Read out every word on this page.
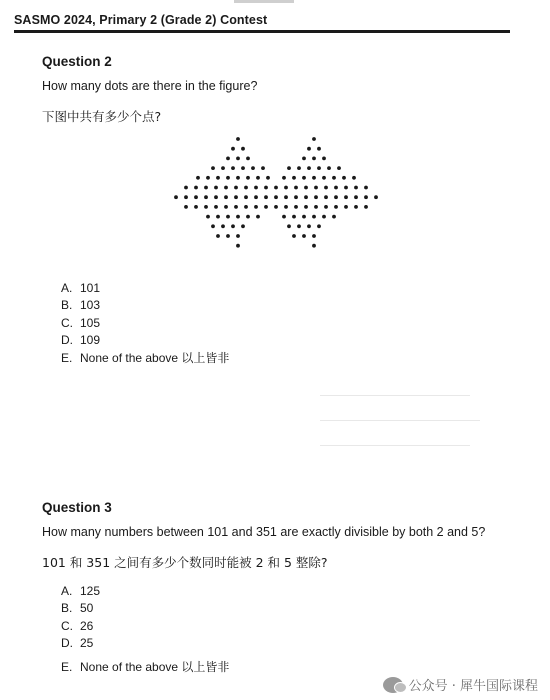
SASMO 2024, Primary 2 (Grade 2) Contest
Question 2
How many dots are there in the figure?
下图中共有多少个点?
A. 101
B. 103
C. 105
D. 109
E. None of the above 以上皆非
Question 3
How many numbers between 101 and 351 are exactly divisible by both 2 and 5?
101 和 351 之间有多少个数同时能被 2 和 5 整除?
A. 125
B. 50
C. 26
D. 25
E. None of the above 以上皆非
公众号 · 犀牛国际课程
